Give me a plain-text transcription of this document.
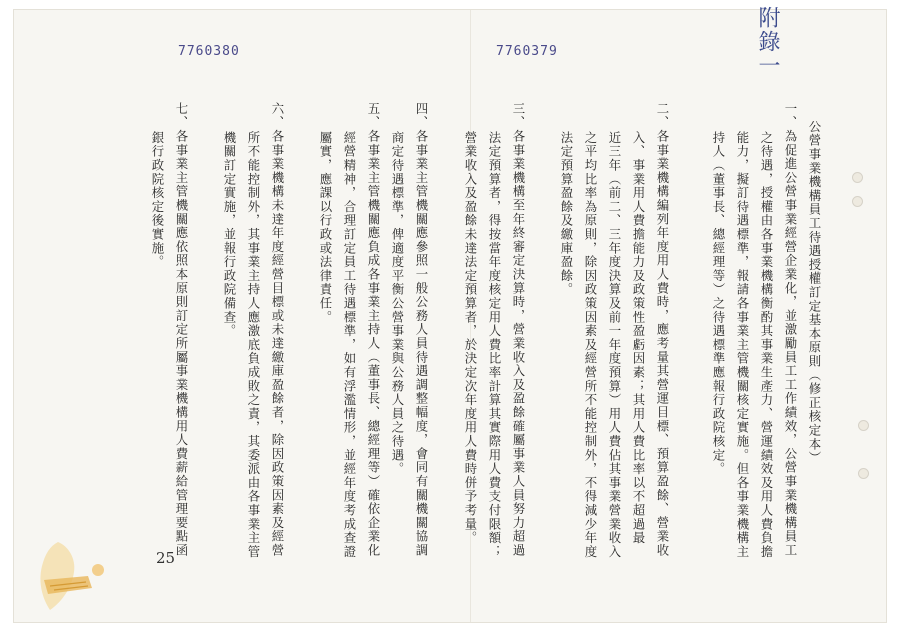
7760380	7760379	附錄一
公營事業機構員工待遇授權訂定基本原則（修正核定本）
一、為促進公營事業經營企業化，並激勵員工工作績效，公營事業機構員工
之待遇，授權由各事業機構衡酌其事業生產力、營運績效及用人費負擔
能力，擬訂待遇標準，報請各事業主管機關核定實施。但各事業機構主
持人（董事長、總經理等）之待遇標準應報行政院核定。
二、各事業機構編列年度用人費時，應考量其營運目標、預算盈餘、營業收
入、事業用人費擔能力及政策性盈虧因素；其用人費比率以不超過最
近三年（前二、三年度決算及前一年度預算）用人費佔其事業營業收入
之平均比率為原則，除因政策因素及經營所不能控制外，不得減少年度
法定預算盈餘及繳庫盈餘。
三、各事業機構至年終審定決算時，營業收入及盈餘確屬事業人員努力超過
法定預算者，得按當年度核定用人費比率計算其實際用人費支付限額；
營業收入及盈餘未達法定預算者，於決定次年度用人費時併予考量。
四、各事業主管機關應參照一般公務人員待遇調整幅度，會同有關機關協調
商定待遇標準，俾適度平衡公營事業與公務人員之待遇。
五、各事業主管機關應負成各事業主持人（董事長、總經理等）確依企業化
經營精神，合理訂定員工待遇標準，如有浮濫情形，並經年度考成查證
屬實，應課以行政或法律責任。
六、各事業機構未達年度經營目標或未達繳庫盈餘者，除因政策因素及經營
所不能控制外，其事業主持人應激底負成敗之責，其委派由各事業主管
機關訂定實施，並報行政院備查。
七、各事業主管機關應依照本原則訂定所屬事業機構用人費薪給管理要點函
銀行政院核定後實施。
25
